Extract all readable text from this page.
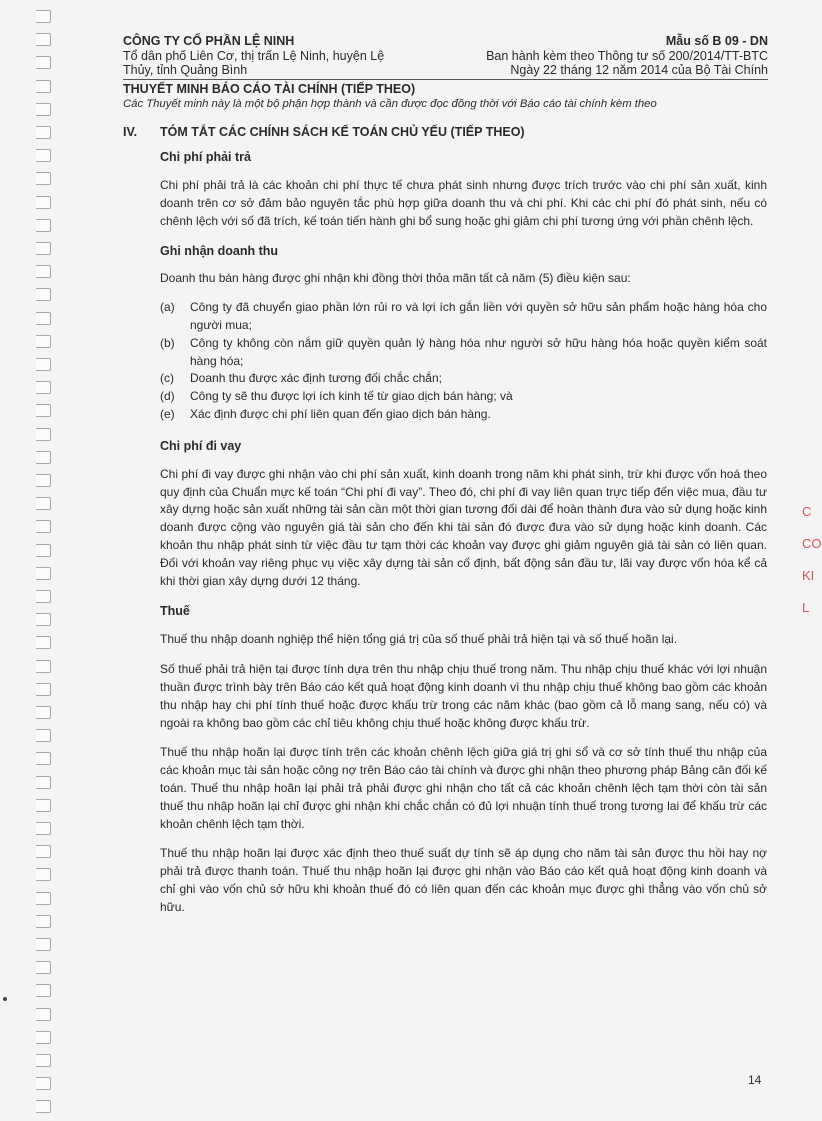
C
CO
KI
L
CÔNG TY CỔ PHẦN LỆ NINH
Tổ dân phố Liên Cơ, thị trấn Lệ Ninh, huyện Lệ
Thủy, tỉnh Quảng Bình
Mẫu số B 09 - DN
Ban hành kèm theo Thông tư số 200/2014/TT-BTC
Ngày 22 tháng 12 năm 2014 của Bộ Tài Chính
THUYẾT MINH BÁO CÁO TÀI CHÍNH (TIẾP THEO)
Các Thuyết minh này là một bộ phận hợp thành và cần được đọc đồng thời với Báo cáo tài chính kèm theo
IV. TÓM TẮT CÁC CHÍNH SÁCH KẾ TOÁN CHỦ YẾU (TIẾP THEO)
Chi phí phải trả

Chi phí phải trả là các khoản chi phí thực tế chưa phát sinh nhưng được trích trước vào chi phí sản xuất, kinh doanh trên cơ sở đảm bảo nguyên tắc phù hợp giữa doanh thu và chi phí. Khi các chi phí đó phát sinh, nếu có chênh lệch với số đã trích, kế toán tiến hành ghi bổ sung hoặc ghi giảm chi phí tương ứng với phần chênh lệch.

Ghi nhận doanh thu

Doanh thu bán hàng được ghi nhận khi đồng thời thỏa mãn tất cả năm (5) điều kiện sau:

(a)	Công ty đã chuyển giao phần lớn rủi ro và lợi ích gắn liền với quyền sở hữu sản phẩm hoặc hàng hóa cho người mua;
(b)	Công ty không còn nắm giữ quyền quản lý hàng hóa như người sở hữu hàng hóa hoặc quyền kiểm soát hàng hóa;
(c)	Doanh thu được xác định tương đối chắc chắn;
(d)	Công ty sẽ thu được lợi ích kinh tế từ giao dịch bán hàng; và
(e)	Xác định được chi phí liên quan đến giao dịch bán hàng.
Chi phí đi vay

Chi phí đi vay được ghi nhận vào chi phí sản xuất, kinh doanh trong năm khi phát sinh, trừ khi được vốn hoá theo quy định của Chuẩn mực kế toán “Chi phí đi vay”. Theo đó, chi phí đi vay liên quan trực tiếp đến việc mua, đầu tư xây dựng hoặc sản xuất những tài sản cần một thời gian tương đối dài để hoàn thành đưa vào sử dụng hoặc kinh doanh được cộng vào nguyên giá tài sản cho đến khi tài sản đó được đưa vào sử dụng hoặc kinh doanh. Các khoản thu nhập phát sinh từ việc đầu tư tạm thời các khoản vay được ghi giảm nguyên giá tài sản có liên quan. Đối với khoản vay riêng phục vụ việc xây dựng tài sản cố định, bất động sản đầu tư, lãi vay được vốn hóa kể cả khi thời gian xây dựng dưới 12 tháng.

Thuế

Thuế thu nhập doanh nghiệp thể hiện tổng giá trị của số thuế phải trả hiện tại và số thuế hoãn lại.

Số thuế phải trả hiện tại được tính dựa trên thu nhập chịu thuế trong năm. Thu nhập chịu thuế khác với lợi nhuận thuần được trình bày trên Báo cáo kết quả hoạt động kinh doanh vì thu nhập chịu thuế không bao gồm các khoản thu nhập hay chi phí tính thuế hoặc được khấu trừ trong các năm khác (bao gồm cả lỗ mang sang, nếu có) và ngoài ra không bao gồm các chỉ tiêu không chịu thuế hoặc không được khấu trừ.

Thuế thu nhập hoãn lại được tính trên các khoản chênh lệch giữa giá trị ghi sổ và cơ sở tính thuế thu nhập của các khoản mục tài sản hoặc công nợ trên Báo cáo tài chính và được ghi nhận theo phương pháp Bảng cân đối kế toán. Thuế thu nhập hoãn lại phải trả phải được ghi nhận cho tất cả các khoản chênh lệch tạm thời còn tài sản thuế thu nhập hoãn lại chỉ được ghi nhận khi chắc chắn có đủ lợi nhuận tính thuế trong tương lai để khấu trừ các khoản chênh lệch tạm thời.

Thuế thu nhập hoãn lại được xác định theo thuế suất dự tính sẽ áp dụng cho năm tài sản được thu hồi hay nợ phải trả được thanh toán. Thuế thu nhập hoãn lại được ghi nhận vào Báo cáo kết quả hoạt động kinh doanh và chỉ ghi vào vốn chủ sở hữu khi khoản thuế đó có liên quan đến các khoản mục được ghi thẳng vào vốn chủ sở hữu.

14
